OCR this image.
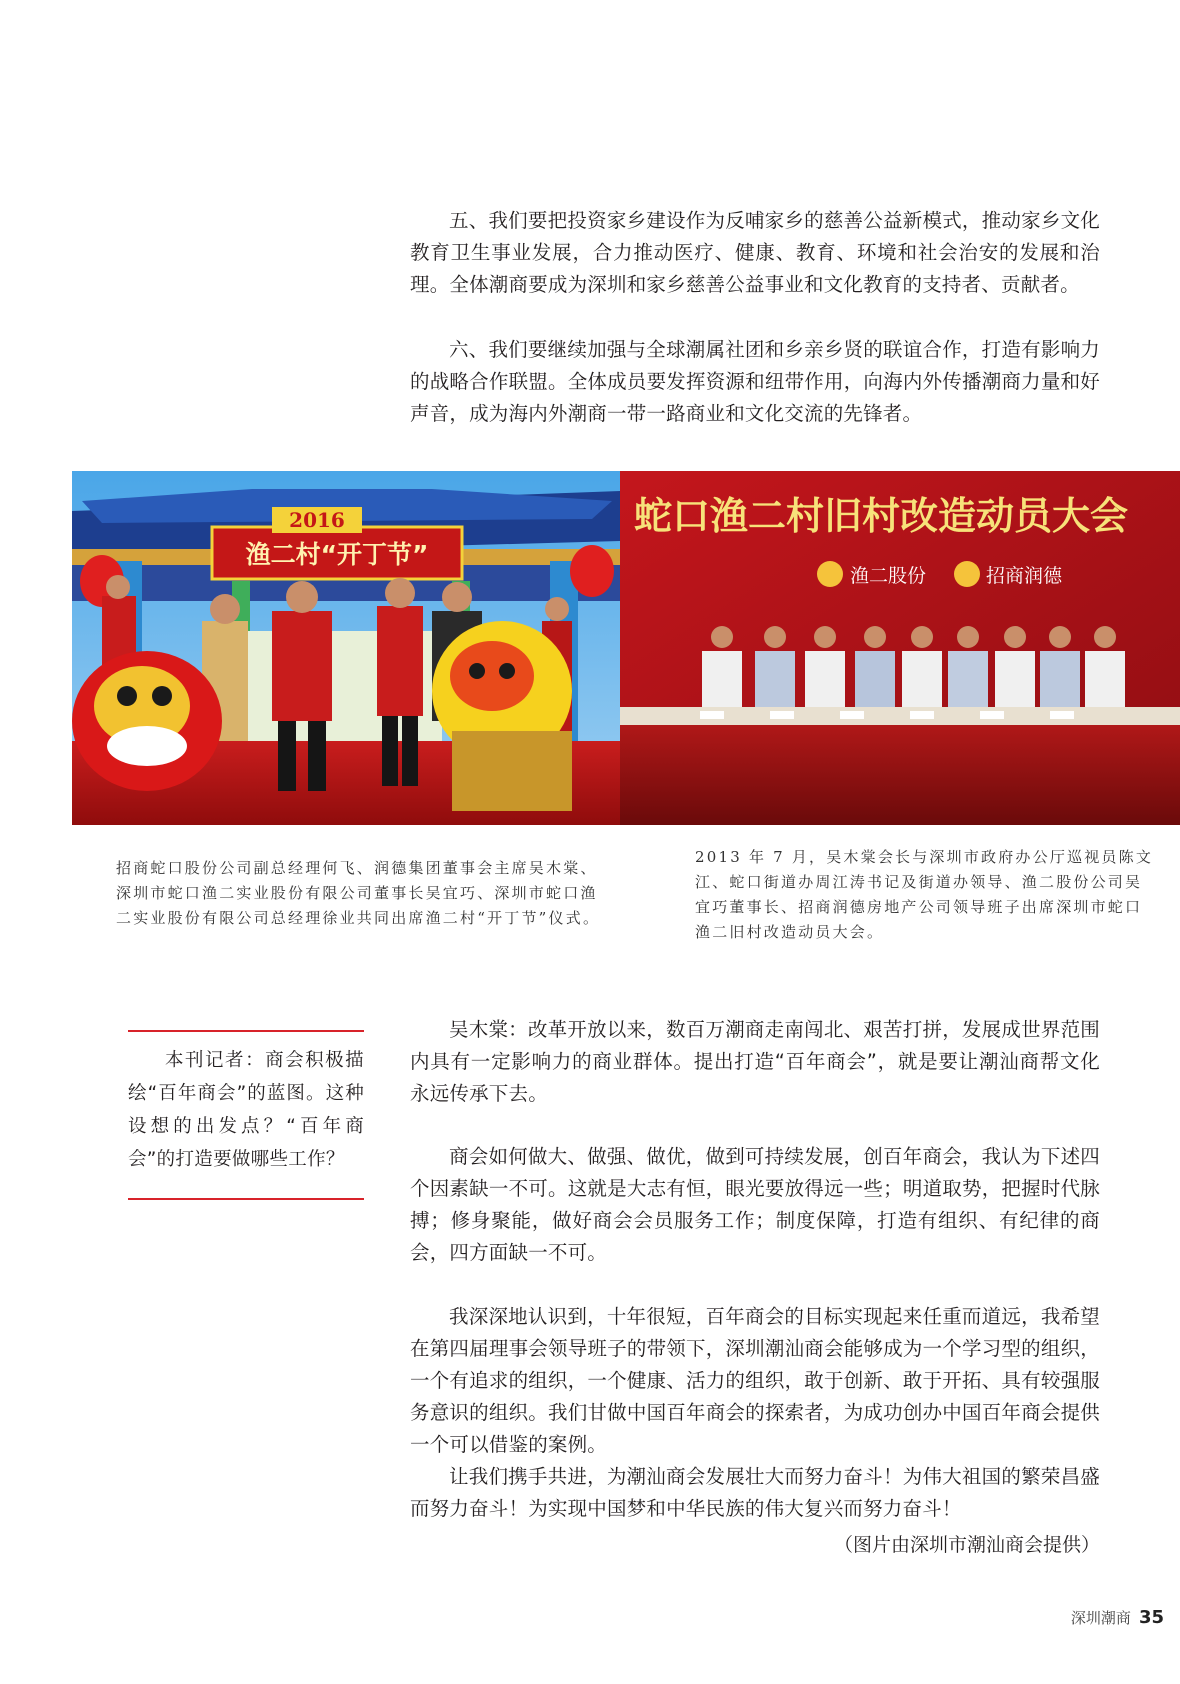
五、我们要把投资家乡建设作为反哺家乡的慈善公益新模式，推动家乡文化教育卫生事业发展，合力推动医疗、健康、教育、环境和社会治安的发展和治理。全体潮商要成为深圳和家乡慈善公益事业和文化教育的支持者、贡献者。

六、我们要继续加强与全球潮属社团和乡亲乡贤的联谊合作，打造有影响力的战略合作联盟。全体成员要发挥资源和纽带作用，向海内外传播潮商力量和好声音，成为海内外潮商一带一路商业和文化交流的先锋者。

2016
渔二村“开丁节”
蛇口渔二村旧村改造动员大会
渔二股份	招商润德

招商蛇口股份公司副总经理何飞、润德集团董事会主席吴木棠、深圳市蛇口渔二实业股份有限公司董事长吴宜巧、深圳市蛇口渔二实业股份有限公司总经理徐业共同出席渔二村“开丁节”仪式。

2013 年 7 月，吴木棠会长与深圳市政府办公厅巡视员陈文江、蛇口街道办周江涛书记及街道办领导、渔二股份公司吴宜巧董事长、招商润德房地产公司领导班子出席深圳市蛇口渔二旧村改造动员大会。

本刊记者：商会积极描绘“百年商会”的蓝图。这种设想的出发点？“百年商会”的打造要做哪些工作？

吴木棠：改革开放以来，数百万潮商走南闯北、艰苦打拼，发展成世界范围内具有一定影响力的商业群体。提出打造“百年商会”，就是要让潮汕商帮文化永远传承下去。

商会如何做大、做强、做优，做到可持续发展，创百年商会，我认为下述四个因素缺一不可。这就是大志有恒，眼光要放得远一些；明道取势，把握时代脉搏；修身聚能，做好商会会员服务工作；制度保障，打造有组织、有纪律的商会，四方面缺一不可。

我深深地认识到，十年很短，百年商会的目标实现起来任重而道远，我希望在第四届理事会领导班子的带领下，深圳潮汕商会能够成为一个学习型的组织，一个有追求的组织，一个健康、活力的组织，敢于创新、敢于开拓、具有较强服务意识的组织。我们甘做中国百年商会的探索者，为成功创办中国百年商会提供一个可以借鉴的案例。

让我们携手共进，为潮汕商会发展壮大而努力奋斗！为伟大祖国的繁荣昌盛而努力奋斗！为实现中国梦和中华民族的伟大复兴而努力奋斗！

（图片由深圳市潮汕商会提供）

深圳潮商 35
